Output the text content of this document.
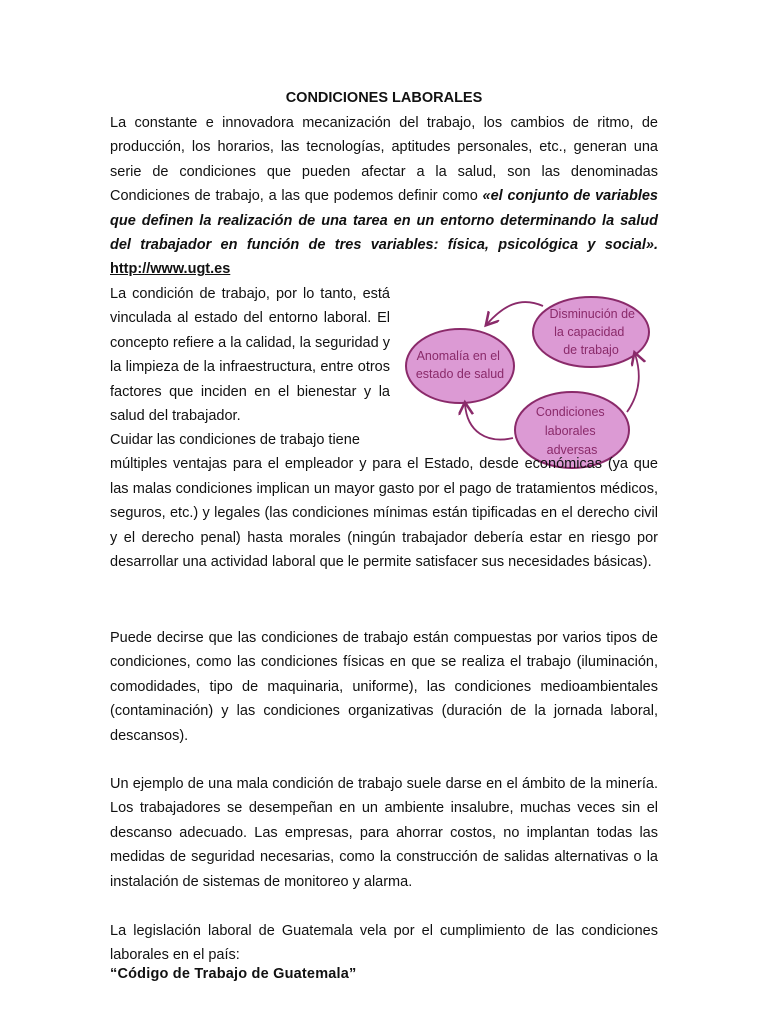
CONDICIONES LABORALES

La constante e innovadora mecanización del trabajo, los cambios de ritmo, de producción, los horarios, las tecnologías, aptitudes personales, etc., generan una serie de condiciones que pueden afectar a la salud, son las denominadas Condiciones de trabajo, a las que podemos definir como «el conjunto de variables que definen la realización de una tarea en un entorno determinando la salud del trabajador en función de tres variables: física, psicológica y social». http://www.ugt.es

La condición de trabajo, por lo tanto, está vinculada al estado del entorno laboral. El concepto refiere a la calidad, la seguridad y la limpieza de la infraestructura, entre otros factores que inciden en el bienestar y la salud del trabajador.

Anomalía en el estado de salud
Disminución de la capacidad de trabajo
Condiciones laborales adversas

Cuidar las condiciones de trabajo tiene
múltiples ventajas para el empleador y para el Estado, desde económicas (ya que las malas condiciones implican un mayor gasto por el pago de tratamientos médicos, seguros, etc.) y legales (las condiciones mínimas están tipificadas en el derecho civil y el derecho penal) hasta morales (ningún trabajador debería estar en riesgo por desarrollar una actividad laboral que le permite satisfacer sus necesidades básicas).

Puede decirse que las condiciones de trabajo están compuestas por varios tipos de condiciones, como las condiciones físicas en que se realiza el trabajo (iluminación, comodidades, tipo de maquinaria, uniforme), las condiciones medioambientales (contaminación) y las condiciones organizativas (duración de la jornada laboral, descansos).

Un ejemplo de una mala condición de trabajo suele darse en el ámbito de la minería. Los trabajadores se desempeñan en un ambiente insalubre, muchas veces sin el descanso adecuado. Las empresas, para ahorrar costos, no implantan todas las medidas de seguridad necesarias, como la construcción de salidas alternativas o la instalación de sistemas de monitoreo y alarma.

La legislación laboral de Guatemala vela por el cumplimiento de las condiciones laborales en el país:

“Código de Trabajo de Guatemala”
